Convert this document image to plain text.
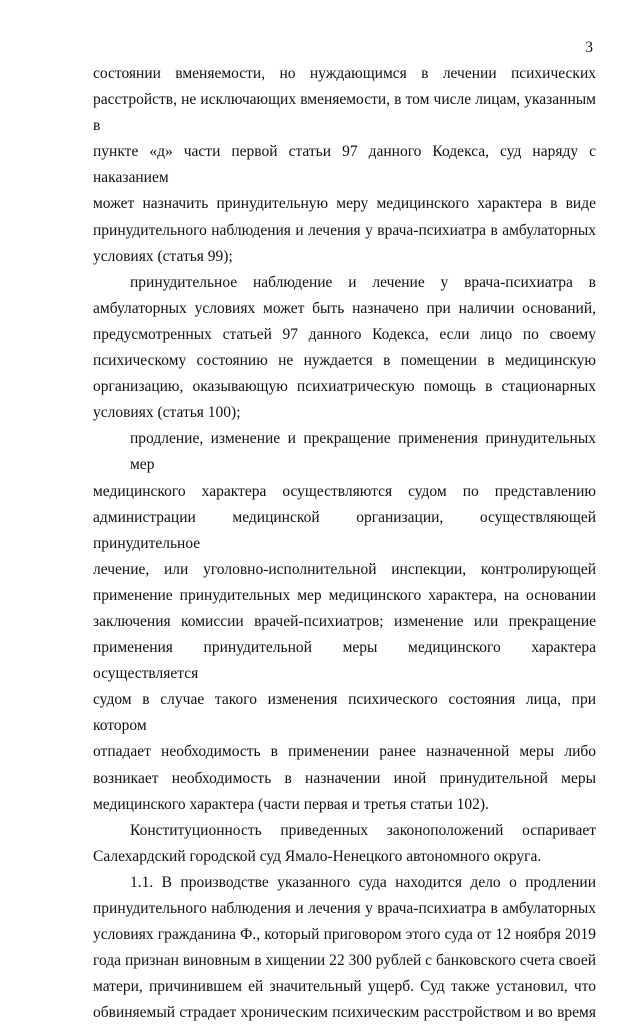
3
состоянии вменяемости, но нуждающимся в лечении психических
расстройств, не исключающих вменяемости, в том числе лицам, указанным в
пункте «д» части первой статьи 97 данного Кодекса, суд наряду с наказанием
может назначить принудительную меру медицинского характера в виде
принудительного наблюдения и лечения у врача-психиатра в амбулаторных
условиях (статья 99);
принудительное наблюдение и лечение у врача-психиатра в
амбулаторных условиях может быть назначено при наличии оснований,
предусмотренных статьей 97 данного Кодекса, если лицо по своему
психическому состоянию не нуждается в помещении в медицинскую
организацию, оказывающую психиатрическую помощь в стационарных
условиях (статья 100);
продление, изменение и прекращение применения принудительных мер
медицинского характера осуществляются судом по представлению
администрации медицинской организации, осуществляющей принудительное
лечение, или уголовно-исполнительной инспекции, контролирующей
применение принудительных мер медицинского характера, на основании
заключения комиссии врачей-психиатров; изменение или прекращение
применения принудительной меры медицинского характера осуществляется
судом в случае такого изменения психического состояния лица, при котором
отпадает необходимость в применении ранее назначенной меры либо
возникает необходимость в назначении иной принудительной меры
медицинского характера (части первая и третья статьи 102).
Конституционность приведенных законоположений оспаривает
Салехардский городской суд Ямало-Ненецкого автономного округа.
1.1. В производстве указанного суда находится дело о продлении
принудительного наблюдения и лечения у врача-психиатра в амбулаторных
условиях гражданина Ф., который приговором этого суда от 12 ноября 2019
года признан виновным в хищении 22 300 рублей с банковского счета своей
матери, причинившем ей значительный ущерб. Суд также установил, что
обвиняемый страдает хроническим психическим расстройством и во время
